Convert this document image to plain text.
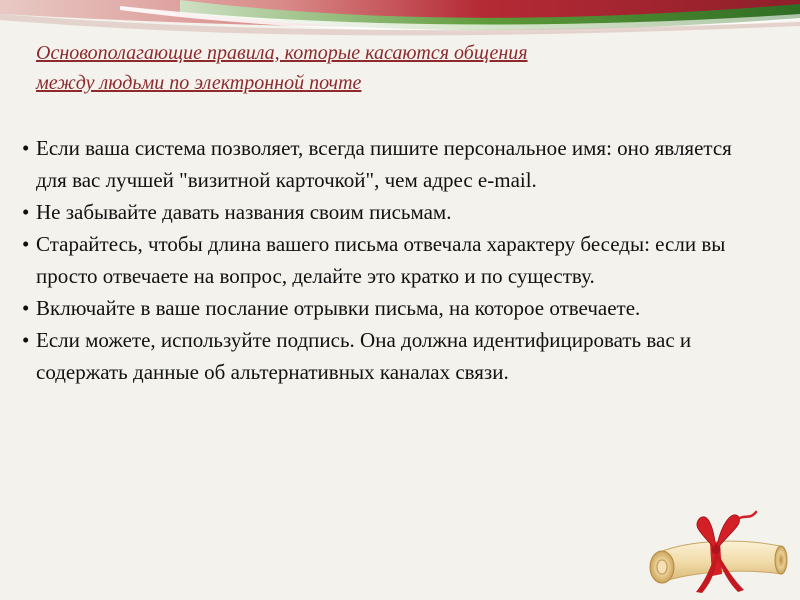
Основополагающие правила, которые касаются общения
между людьми по электронной почте
• Если ваша система позволяет, всегда пишите персональное имя: оно является для вас лучшей "визитной карточкой", чем адрес e-mail.
• Не забывайте давать названия своим письмам.
• Старайтесь, чтобы длина вашего письма отвечала характеру беседы: если вы просто отвечаете на вопрос, делайте это кратко и по существу.
• Включайте в ваше послание отрывки письма, на которое отвечаете.
• Если можете, используйте подпись. Она должна идентифицировать вас и содержать данные об альтернативных каналах связи.
